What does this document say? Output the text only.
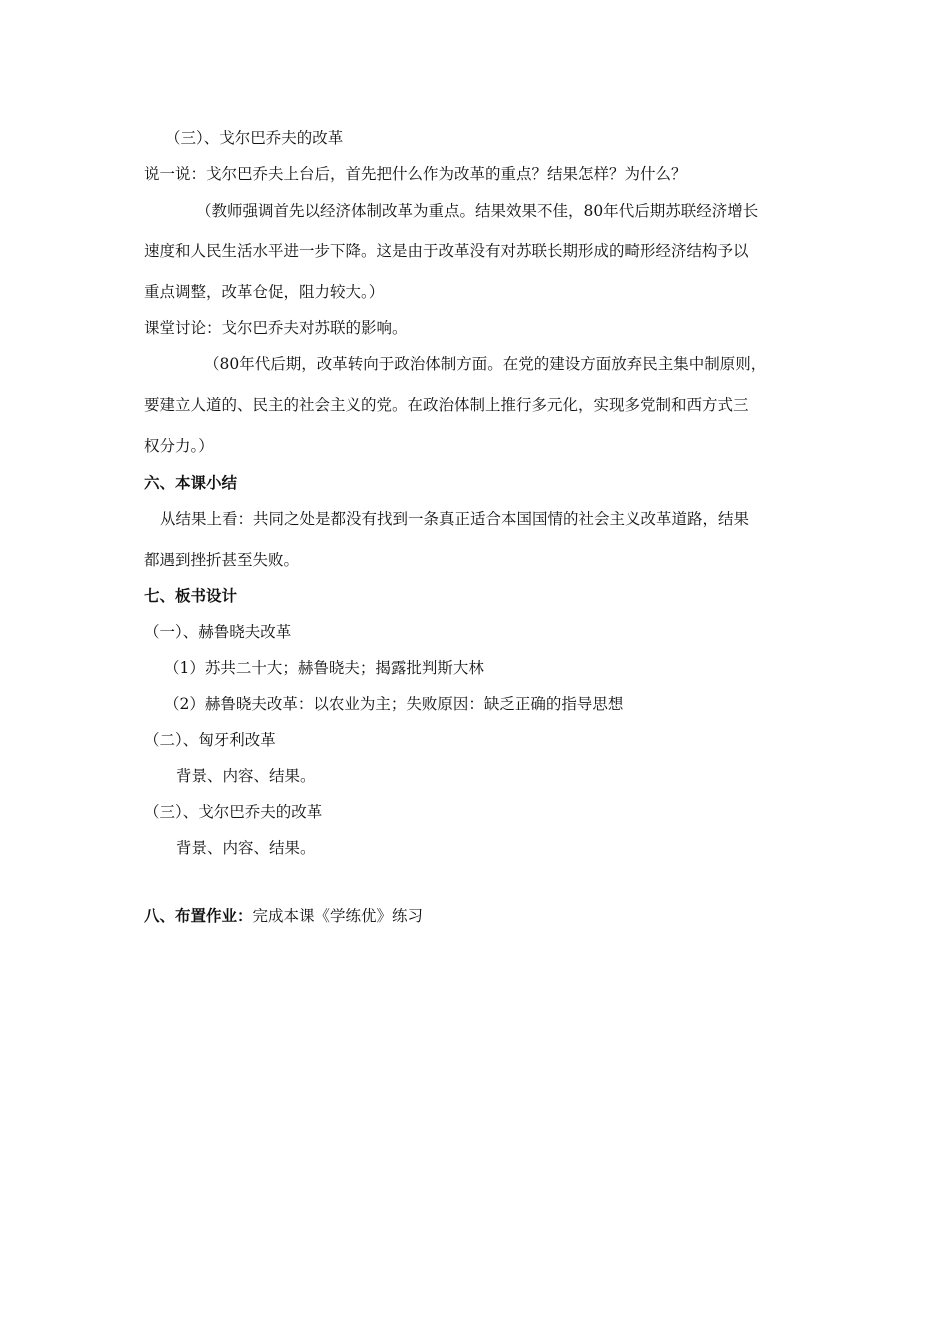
（三）、戈尔巴乔夫的改革
说一说：戈尔巴乔夫上台后，首先把什么作为改革的重点？结果怎样？为什么？
（教师强调首先以经济体制改革为重点。结果效果不佳，80年代后期苏联经济增长
速度和人民生活水平进一步下降。这是由于改革没有对苏联长期形成的畸形经济结构予以
重点调整，改革仓促，阻力较大。）
课堂讨论：戈尔巴乔夫对苏联的影响。
（80年代后期，改革转向于政治体制方面。在党的建设方面放弃民主集中制原则，
要建立人道的、民主的社会主义的党。在政治体制上推行多元化，实现多党制和西方式三
权分力。）
六、本课小结
从结果上看：共同之处是都没有找到一条真正适合本国国情的社会主义改革道路，结果
都遇到挫折甚至失败。
七、板书设计
（一）、赫鲁晓夫改革
（1）苏共二十大；赫鲁晓夫；揭露批判斯大林
（2）赫鲁晓夫改革：以农业为主；失败原因：缺乏正确的指导思想
（二）、匈牙利改革
背景、内容、结果。
（三）、戈尔巴乔夫的改革
背景、内容、结果。
八、布置作业：完成本课《学练优》练习
